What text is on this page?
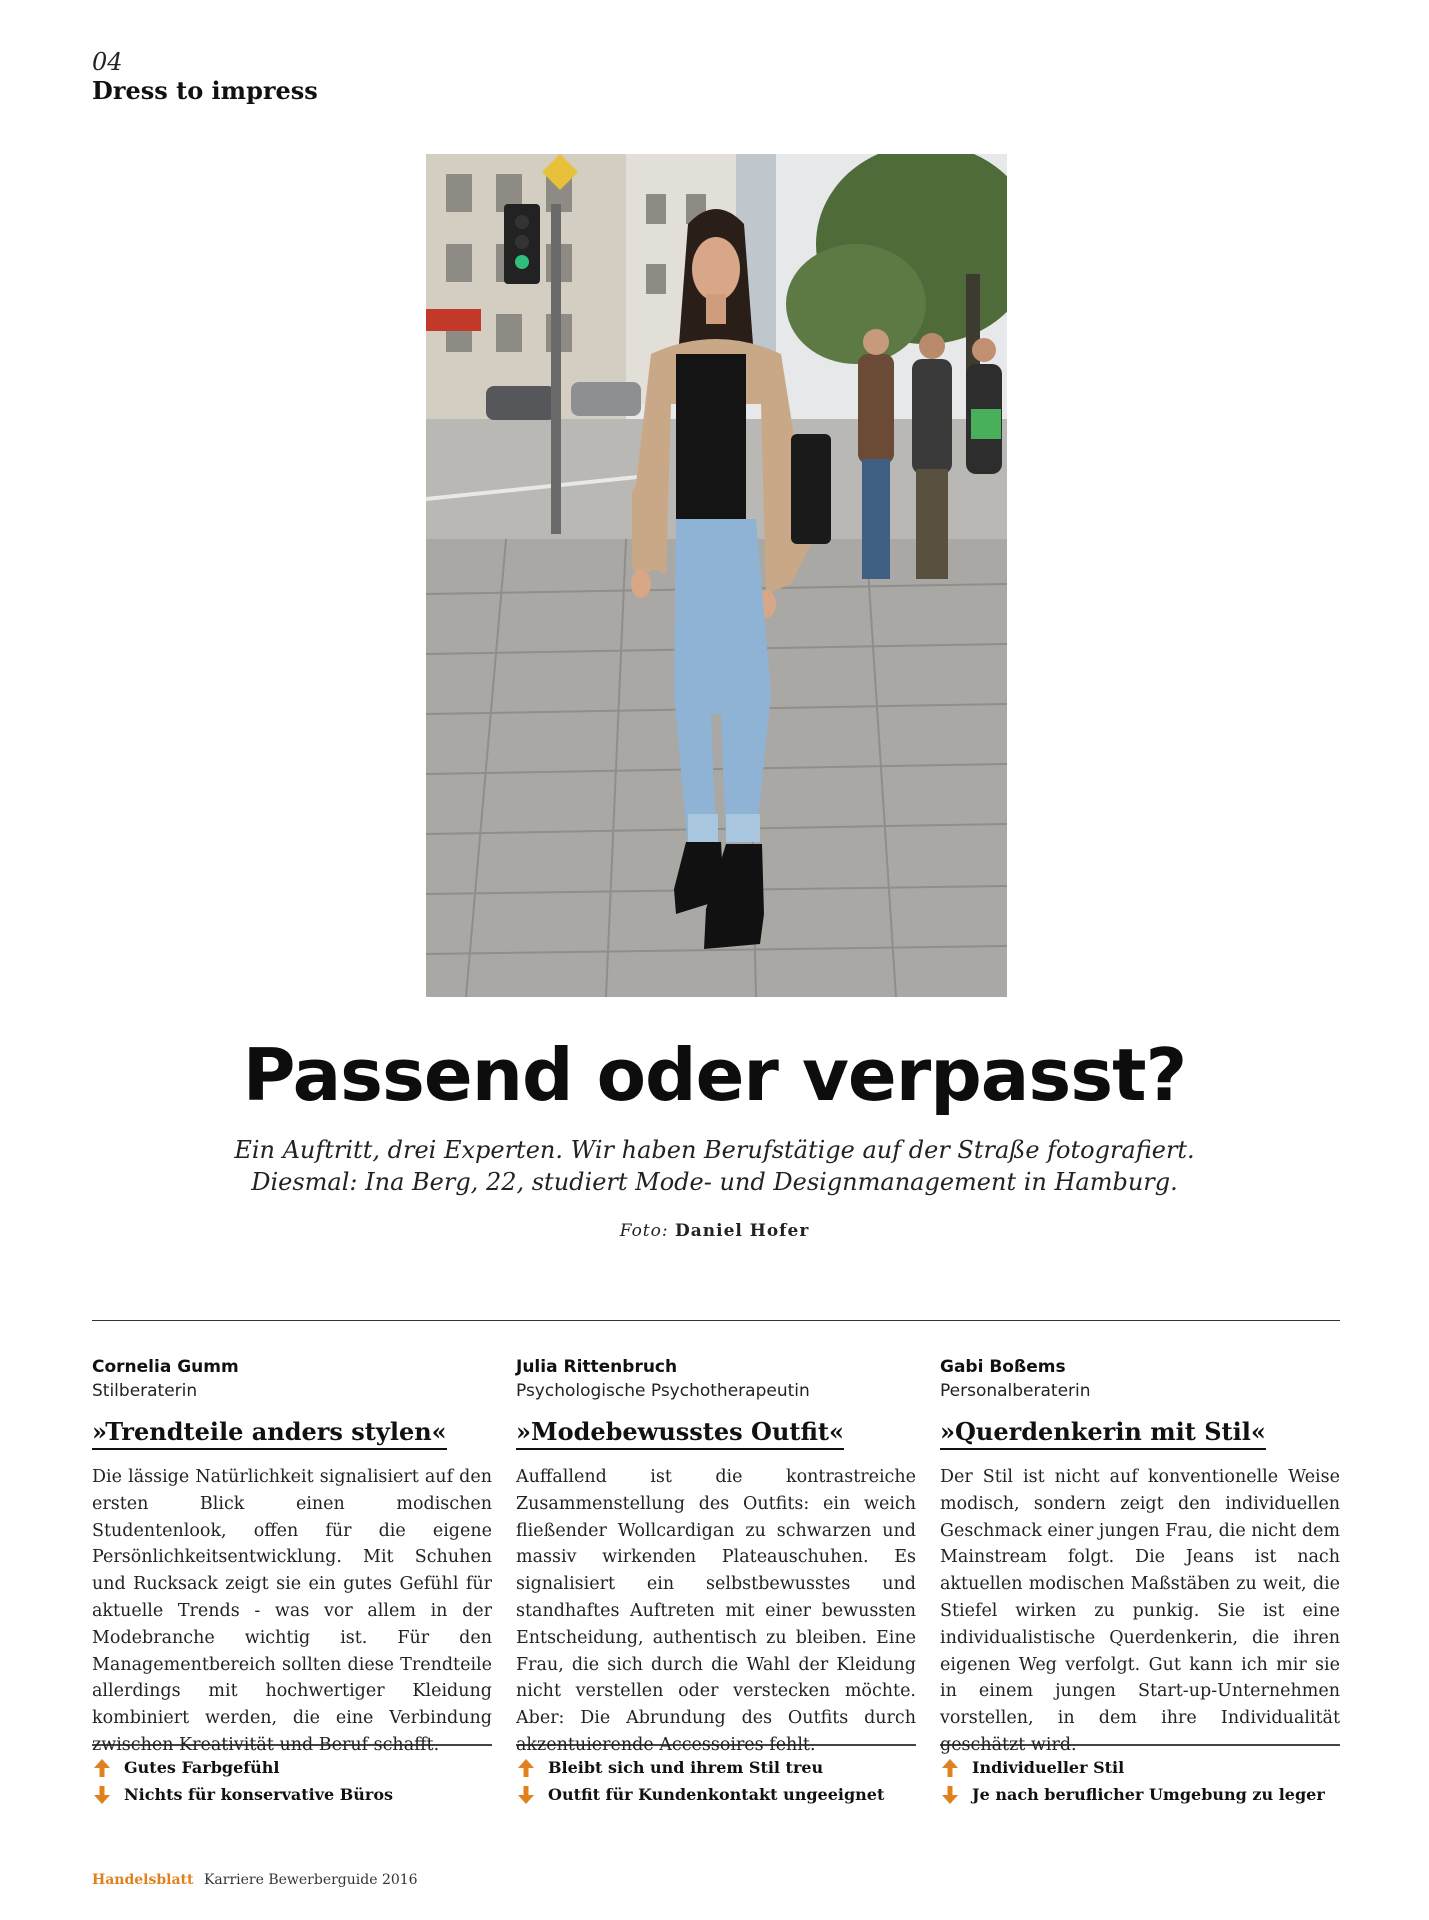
04
Dress to impress
Passend oder verpasst?
Ein Auftritt, drei Experten. Wir haben Berufstätige auf der Straße fotografiert.
Diesmal: Ina Berg, 22, studiert Mode- und Designmanagement in Hamburg.
Foto: Daniel Hofer
Cornelia Gumm
Stilberaterin
»Trendteile anders stylen«
Die lässige Natürlichkeit signalisiert auf den ersten Blick einen modischen Studentenlook, offen für die eigene Persönlichkeitsentwicklung. Mit Schuhen und Rucksack zeigt sie ein gutes Gefühl für aktuelle Trends - was vor allem in der Modebranche wichtig ist. Für den Managementbereich sollten diese Trendteile allerdings mit hochwertiger Kleidung kombiniert werden, die eine Verbindung zwischen Kreativität und Beruf schafft.
Gutes Farbgefühl
Nichts für konservative Büros
Julia Rittenbruch
Psychologische Psychotherapeutin
»Modebewusstes Outfit«
Auffallend ist die kontrastreiche Zusammenstellung des Outfits: ein weich fließender Wollcardigan zu schwarzen und massiv wirkenden Plateauschuhen. Es signalisiert ein selbstbewusstes und standhaftes Auftreten mit einer bewussten Entscheidung, authentisch zu bleiben. Eine Frau, die sich durch die Wahl der Kleidung nicht verstellen oder verstecken möchte. Aber: Die Abrundung des Outfits durch akzentuierende Accessoires fehlt.
Bleibt sich und ihrem Stil treu
Outfit für Kundenkontakt ungeeignet
Gabi Boßems
Personalberaterin
»Querdenkerin mit Stil«
Der Stil ist nicht auf konventionelle Weise modisch, sondern zeigt den individuellen Geschmack einer jungen Frau, die nicht dem Mainstream folgt. Die Jeans ist nach aktuellen modischen Maßstäben zu weit, die Stiefel wirken zu punkig. Sie ist eine individualistische Querdenkerin, die ihren eigenen Weg verfolgt. Gut kann ich mir sie in einem jungen Start-up-Unternehmen vorstellen, in dem ihre Individualität geschätzt wird.
Individueller Stil
Je nach beruflicher Umgebung zu leger
Handelsblatt Karriere Bewerberguide 2016
